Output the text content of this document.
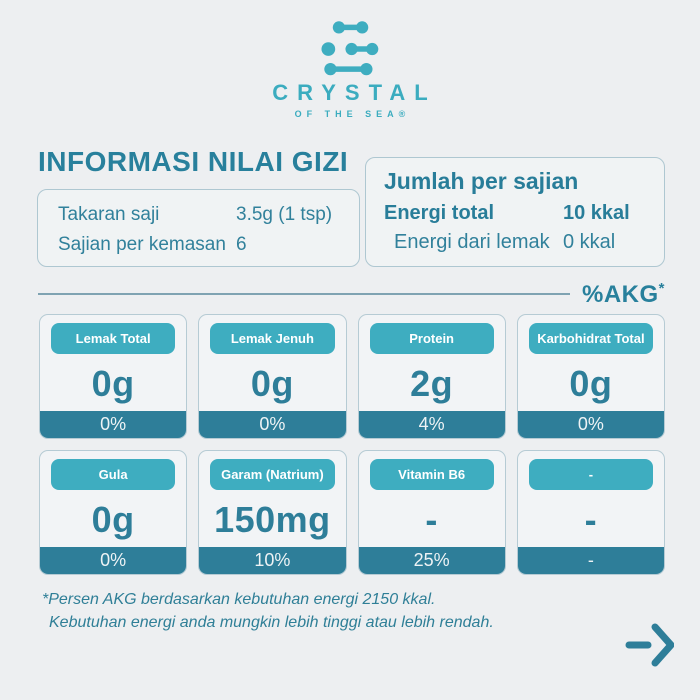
CRYSTAL
OF THE SEA®
INFORMASI NILAI GIZI
Takaran saji	3.5g (1 tsp)
Sajian per kemasan 6
Jumlah per sajian
Energi total	10 kkal
Energi dari lemak 0 kkal
%AKG*
Lemak Total
0g
0%
Lemak Jenuh
0g
0%
Protein
2g
4%
Karbohidrat Total
0g
0%
Gula
0g
0%
Garam (Natrium)
150mg
10%
Vitamin B6
-
25%
-
-
-
*Persen AKG berdasarkan kebutuhan energi 2150 kkal.
Kebutuhan energi anda mungkin lebih tinggi atau lebih rendah.
